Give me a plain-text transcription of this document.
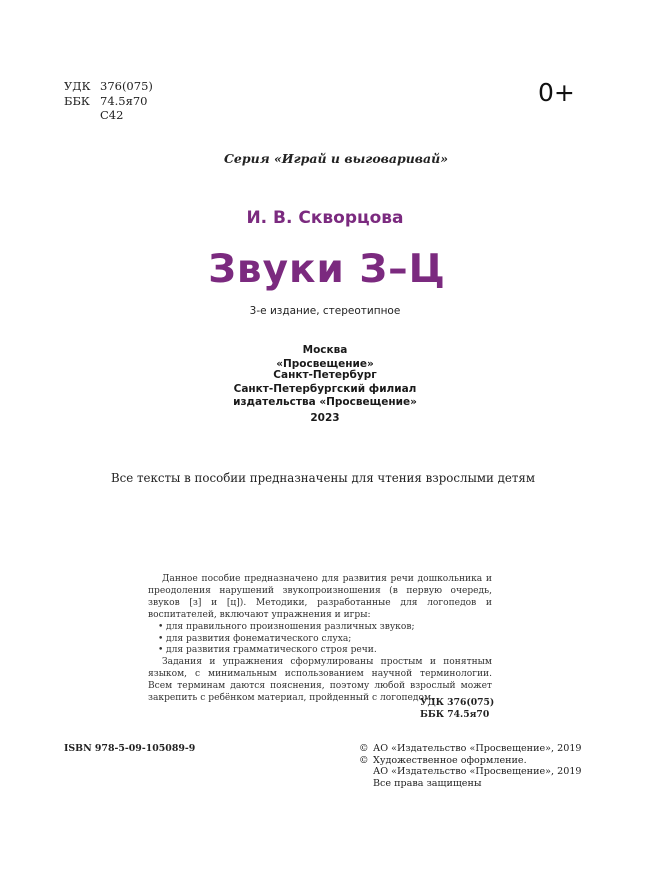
УДК 376(075)
ББК 74.5я70
С42
0+
Серия «Играй и выговаривай»
И. В. Скворцова
Звуки З–Ц
3-е издание, стереотипное
Москва
«Просвещение»
Санкт-Петербург
Санкт-Петербургский филиал
издательства «Просвещение»
2023
Все тексты в пособии предназначены для чтения взрослыми детям

Данное пособие предназначено для развития речи дошкольника и преодоления нарушений звукопроизношения (в первую очередь, звуков [з] и [ц]). Методики, разработанные для логопедов и воспитателей, включают упражнения и игры:

• для правильного произношения различных звуков;
• для развития фонематического слуха;
• для развития грамматического строя речи.

Задания и упражнения сформулированы простым и понятным языком, с минимальным использованием научной терминологии. Всем терминам даются пояснения, поэтому любой взрослый может закрепить с ребёнком материал, пройденный с логопедом.

УДК 376(075)
ББК 74.5я70
ISBN 978-5-09-105089-9	© АО «Издательство «Просвещение», 2019
© Художественное оформление.
АО «Издательство «Просвещение», 2019
Все права защищены
